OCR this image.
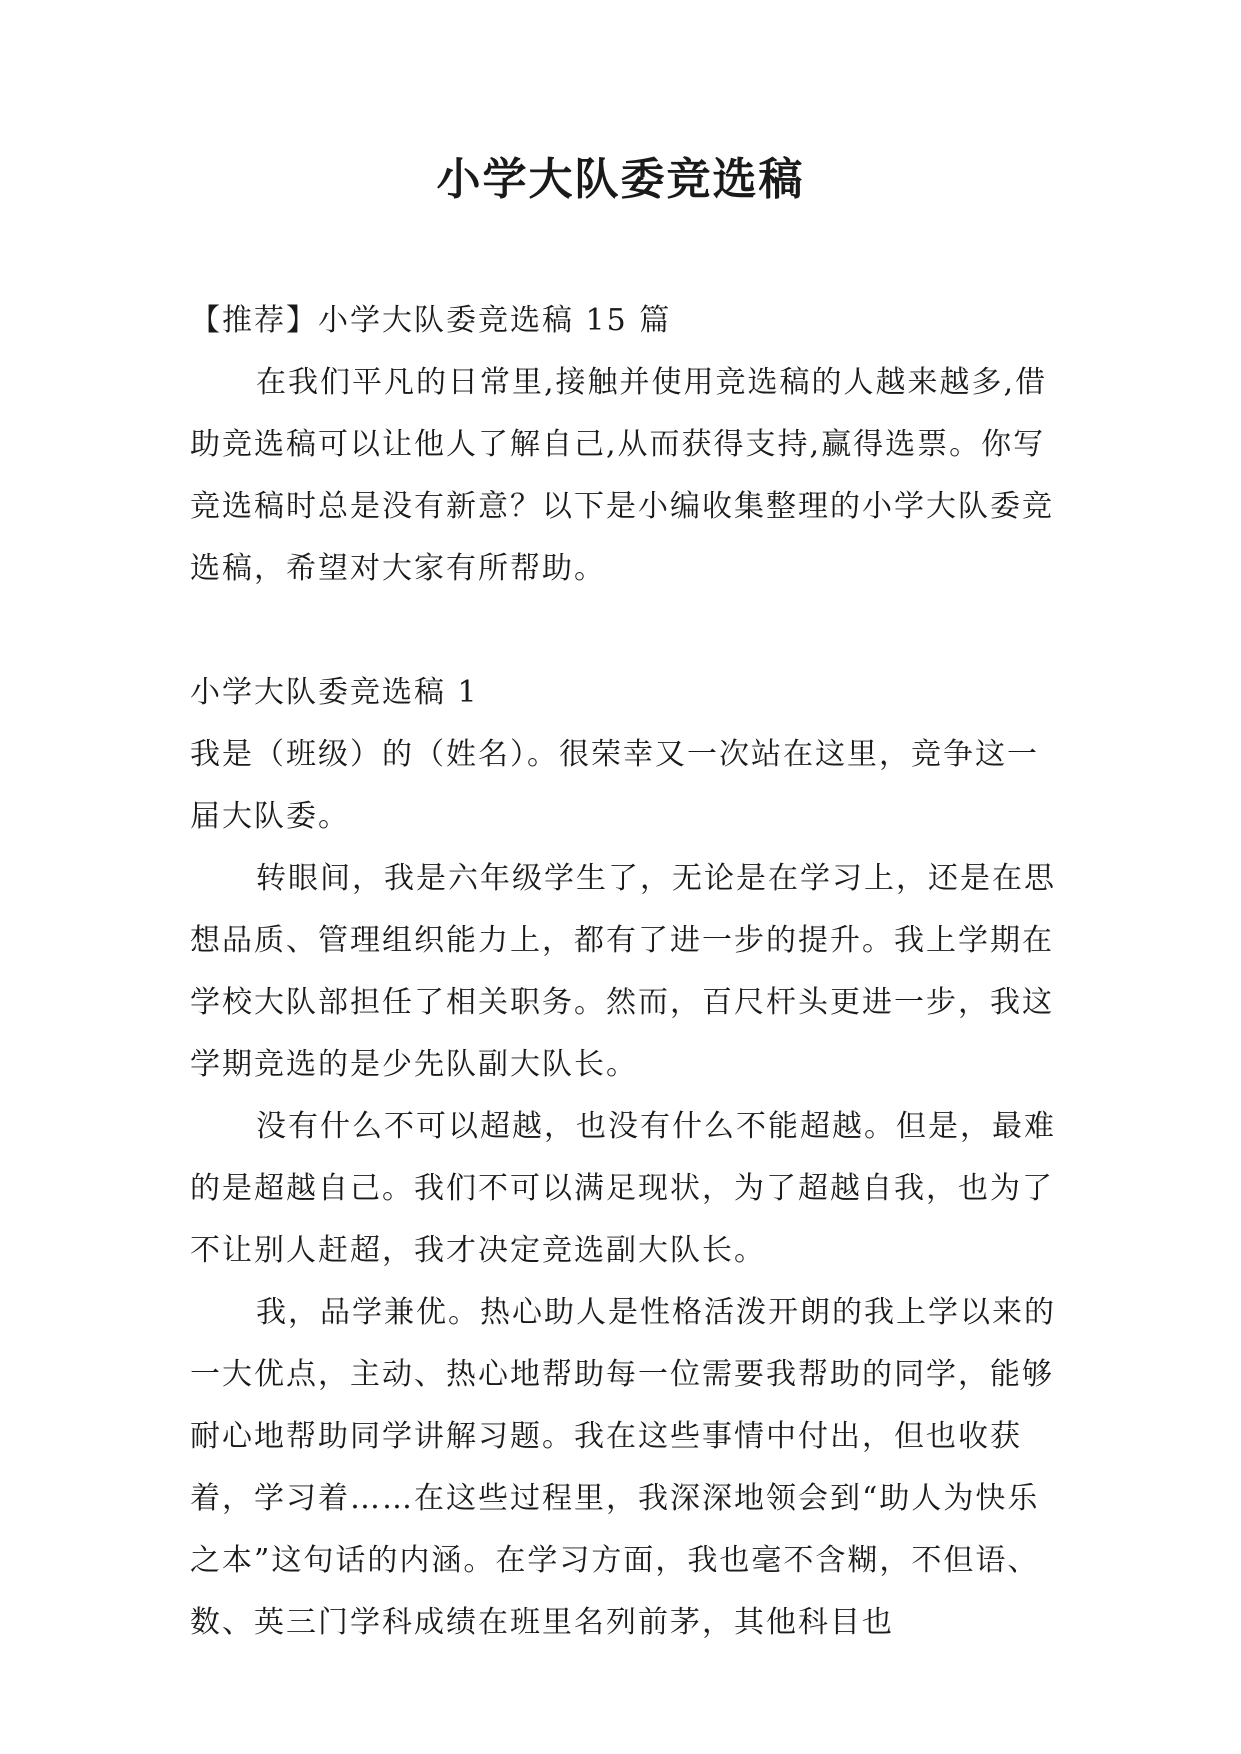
小学大队委竞选稿

【推荐】小学大队委竞选稿 15 篇

在我们平凡的日常里,接触并使用竞选稿的人越来越多,借助竞选稿可以让他人了解自己,从而获得支持,赢得选票。你写竞选稿时总是没有新意？以下是小编收集整理的小学大队委竞选稿，希望对大家有所帮助。

小学大队委竞选稿 1

我是（班级）的（姓名）。很荣幸又一次站在这里，竞争这一届大队委。

转眼间，我是六年级学生了，无论是在学习上，还是在思想品质、管理组织能力上，都有了进一步的提升。我上学期在学校大队部担任了相关职务。然而，百尺杆头更进一步，我这学期竞选的是少先队副大队长。

没有什么不可以超越，也没有什么不能超越。但是，最难的是超越自己。我们不可以满足现状，为了超越自我，也为了不让别人赶超，我才决定竞选副大队长。

我，品学兼优。热心助人是性格活泼开朗的我上学以来的一大优点，主动、热心地帮助每一位需要我帮助的同学，能够耐心地帮助同学讲解习题。我在这些事情中付出，但也收获着，学习着……在这些过程里，我深深地领会到“助人为快乐之本”这句话的内涵。在学习方面，我也毫不含糊，不但语、数、英三门学科成绩在班里名列前茅，其他科目也
